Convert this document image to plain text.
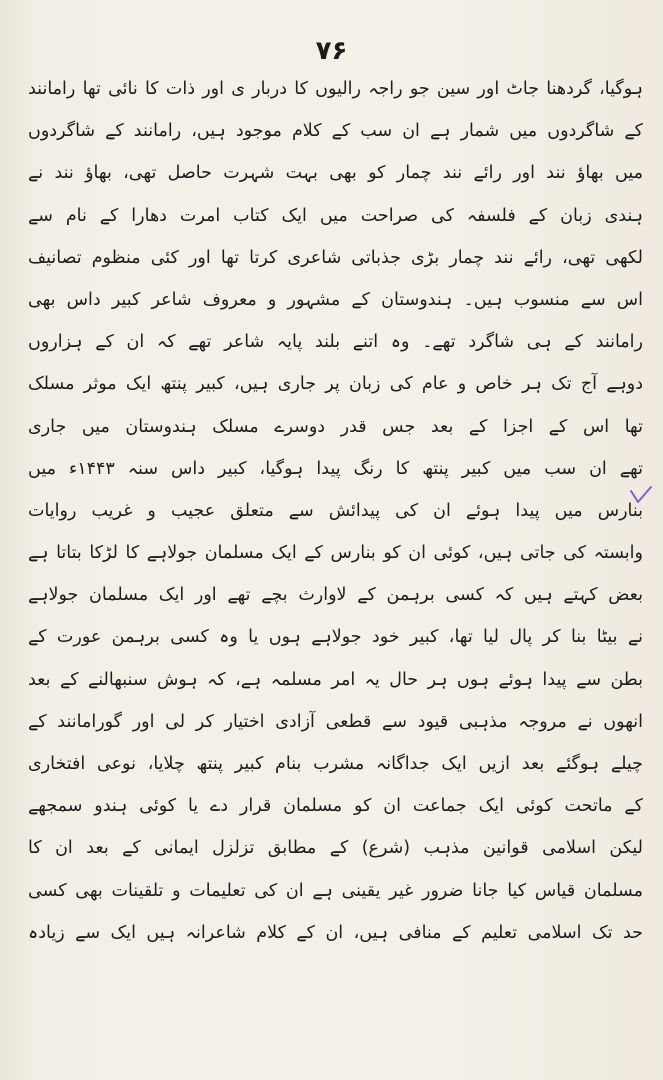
۷۶
ہوگیا، گردھنا جاٹ اور سین جو راجہ رالیوں کا دربار ی اور ذات کا نائی تھا رامانند
کے شاگردوں میں شمار ہے ان سب کے کلام موجود ہیں، رامانند کے شاگردوں
میں بھاؤ نند اور رائے نند چمار کو بھی بہت شہرت حاصل تھی، بھاؤ نند نے
ہندی زبان کے فلسفہ کی صراحت میں ایک کتاب امرت دھارا کے نام سے
لکھی تھی، رائے نند چمار بڑی جذباتی شاعری کرتا تھا اور کئی منظوم تصانیف
اس سے منسوب ہیں۔ ہندوستان کے مشہور و معروف شاعر کبیر داس بھی
رامانند کے ہی شاگرد تھے۔ وہ اتنے بلند پایہ شاعر تھے کہ ان کے ہزاروں
دوہے آج تک ہر خاص و عام کی زبان پر جاری ہیں، کبیر پنتھ ایک موثر مسلک
تھا اس کے اجزا کے بعد جس قدر دوسرے مسلک ہندوستان میں جاری
تھے ان سب میں کبیر پنتھ کا رنگ پیدا ہوگیا، کبیر داس سنہ ۱۴۴۳ء میں
بنارس میں پیدا ہوئے ان کی پیدائش سے متعلق عجیب و غریب روایات
وابستہ کی جاتی ہیں، کوئی ان کو بنارس کے ایک مسلمان جولاہے کا لڑکا بتاتا ہے
بعض کہتے ہیں کہ کسی برہمن کے لاوارث بچے تھے اور ایک مسلمان جولاہے
نے بیٹا بنا کر پال لیا تھا، کبیر خود جولاہے ہوں یا وہ کسی برہمن عورت کے
بطن سے پیدا ہوئے ہوں ہر حال یہ امر مسلمہ ہے، کہ ہوش سنبھالنے کے بعد
انھوں نے مروجہ مذہبی قیود سے قطعی آزادی اختیار کر لی اور گورامانند کے
چیلے ہوگئے بعد ازیں ایک جداگانہ مشرب بنام کبیر پنتھ چلایا، نوعی افتخاری
کے ماتحت کوئی ایک جماعت ان کو مسلمان قرار دے یا کوئی ہندو سمجھے
لیکن اسلامی قوانین مذہب (شرع) کے مطابق تزلزل ایمانی کے بعد ان کا
مسلمان قیاس کیا جانا ضرور غیر یقینی ہے ان کی تعلیمات و تلقینات بھی کسی
حد تک اسلامی تعلیم کے منافی ہیں، ان کے کلام شاعرانہ ہیں ایک سے زیادہ
